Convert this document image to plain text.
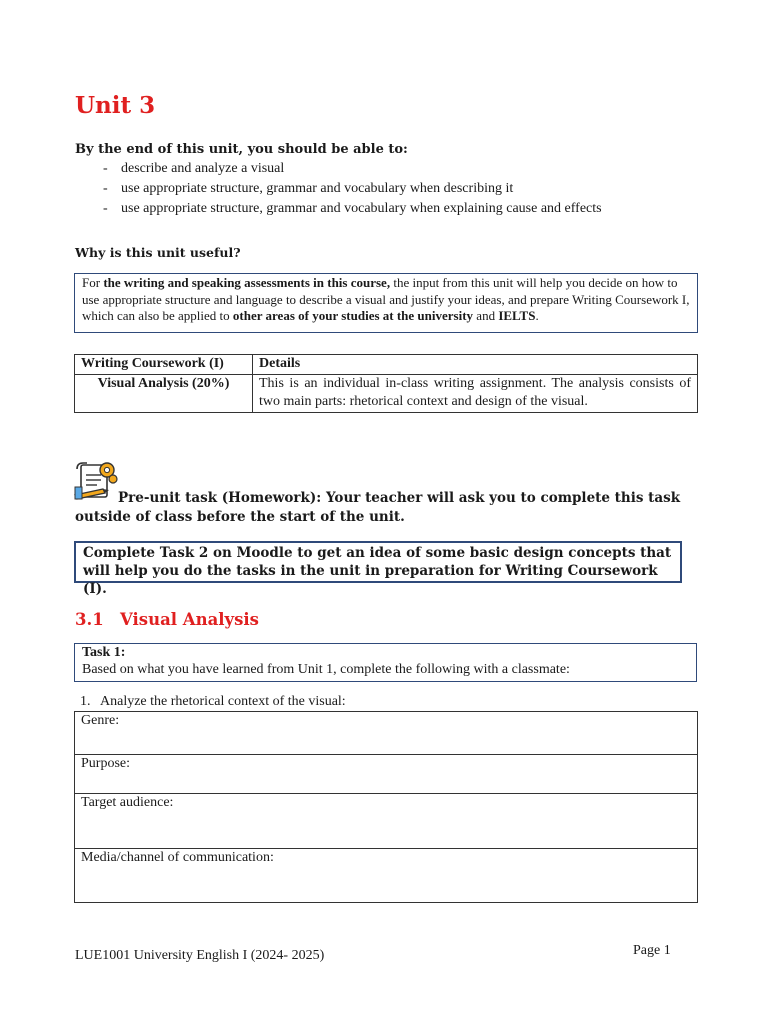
Unit 3
By the end of this unit, you should be able to:
- describe and analyze a visual
- use appropriate structure, grammar and vocabulary when describing it
- use appropriate structure, grammar and vocabulary when explaining cause and effects
Why is this unit useful?
For the writing and speaking assessments in this course, the input from this unit will help you decide on how to use appropriate structure and language to describe a visual and justify your ideas, and prepare Writing Coursework I, which can also be applied to other areas of your studies at the university and IELTS.
Writing Coursework (I)	Details
Visual Analysis (20%)	This is an individual in-class writing assignment. The analysis consists of two main parts: rhetorical context and design of the visual.
Pre-unit task (Homework): Your teacher will ask you to complete this task outside of class before the start of the unit.
Complete Task 2 on Moodle to get an idea of some basic design concepts that will help you do the tasks in the unit in preparation for Writing Coursework (I).
3.1 Visual Analysis
Task 1:
Based on what you have learned from Unit 1, complete the following with a classmate:
1. Analyze the rhetorical context of the visual:
Genre:
Purpose:
Target audience:
Media/channel of communication:
LUE1001 University English I (2024- 2025)	Page 1
